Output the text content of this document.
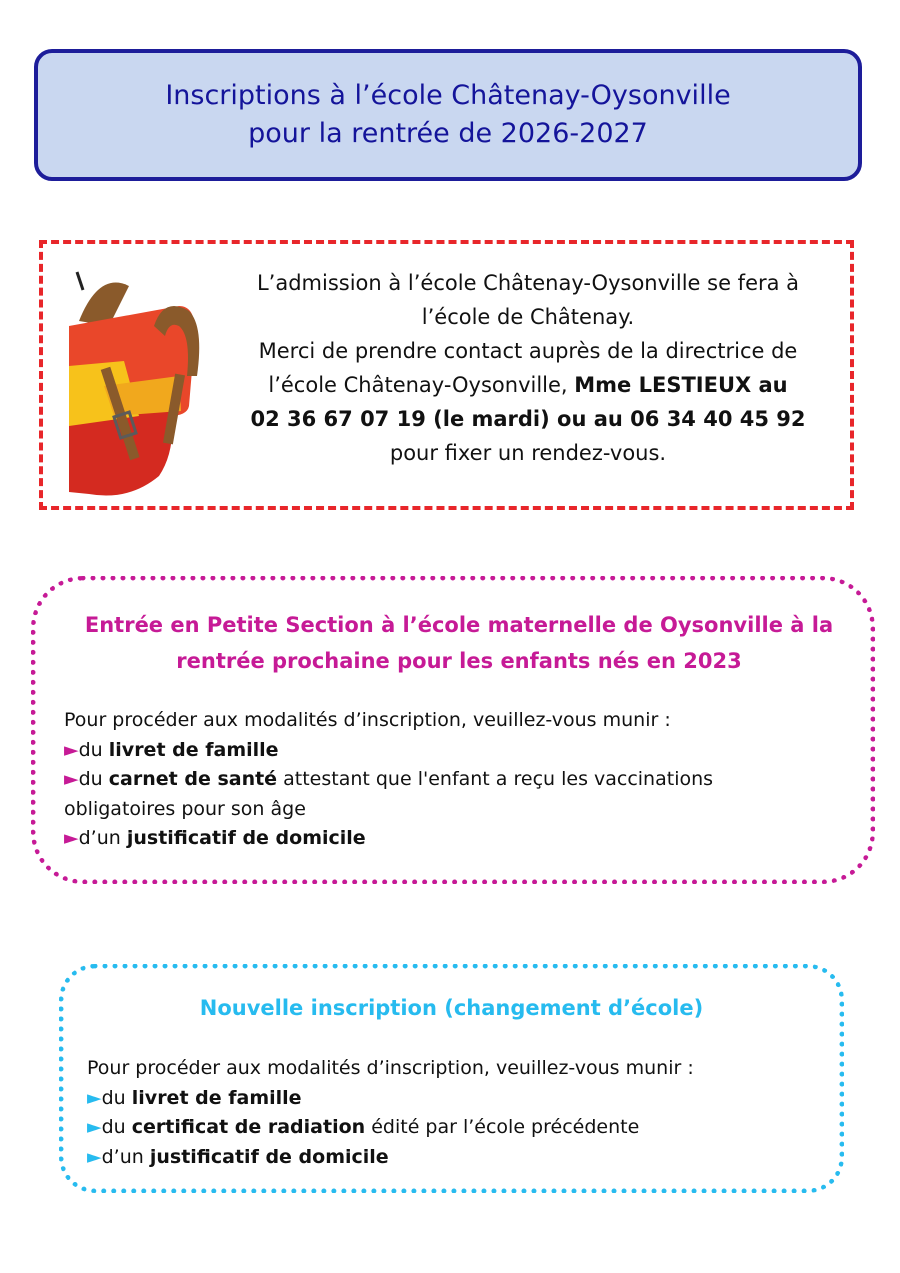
Inscriptions à l’école Châtenay-Oysonville
pour la rentrée de 2026-2027

L’admission à l’école Châtenay-Oysonville se fera à

l’école de Châtenay.

Merci de prendre contact auprès de la directrice de

l’école Châtenay-Oysonville, Mme LESTIEUX au

02 36 67 07 19 (le mardi) ou au 06 34 40 45 92

pour fixer un rendez-vous.

Entrée en Petite Section à l’école maternelle de Oysonville à la
rentrée prochaine pour les enfants nés en 2023

Pour procéder aux modalités d’inscription, veuillez-vous munir :

►du livret de famille

►du carnet de santé attestant que l'enfant a reçu les vaccinations

obligatoires pour son âge

►d’un justificatif de domicile

Nouvelle inscription (changement d’école)

Pour procéder aux modalités d’inscription, veuillez-vous munir :

►du livret de famille

►du certificat de radiation édité par l’école précédente

►d’un justificatif de domicile
